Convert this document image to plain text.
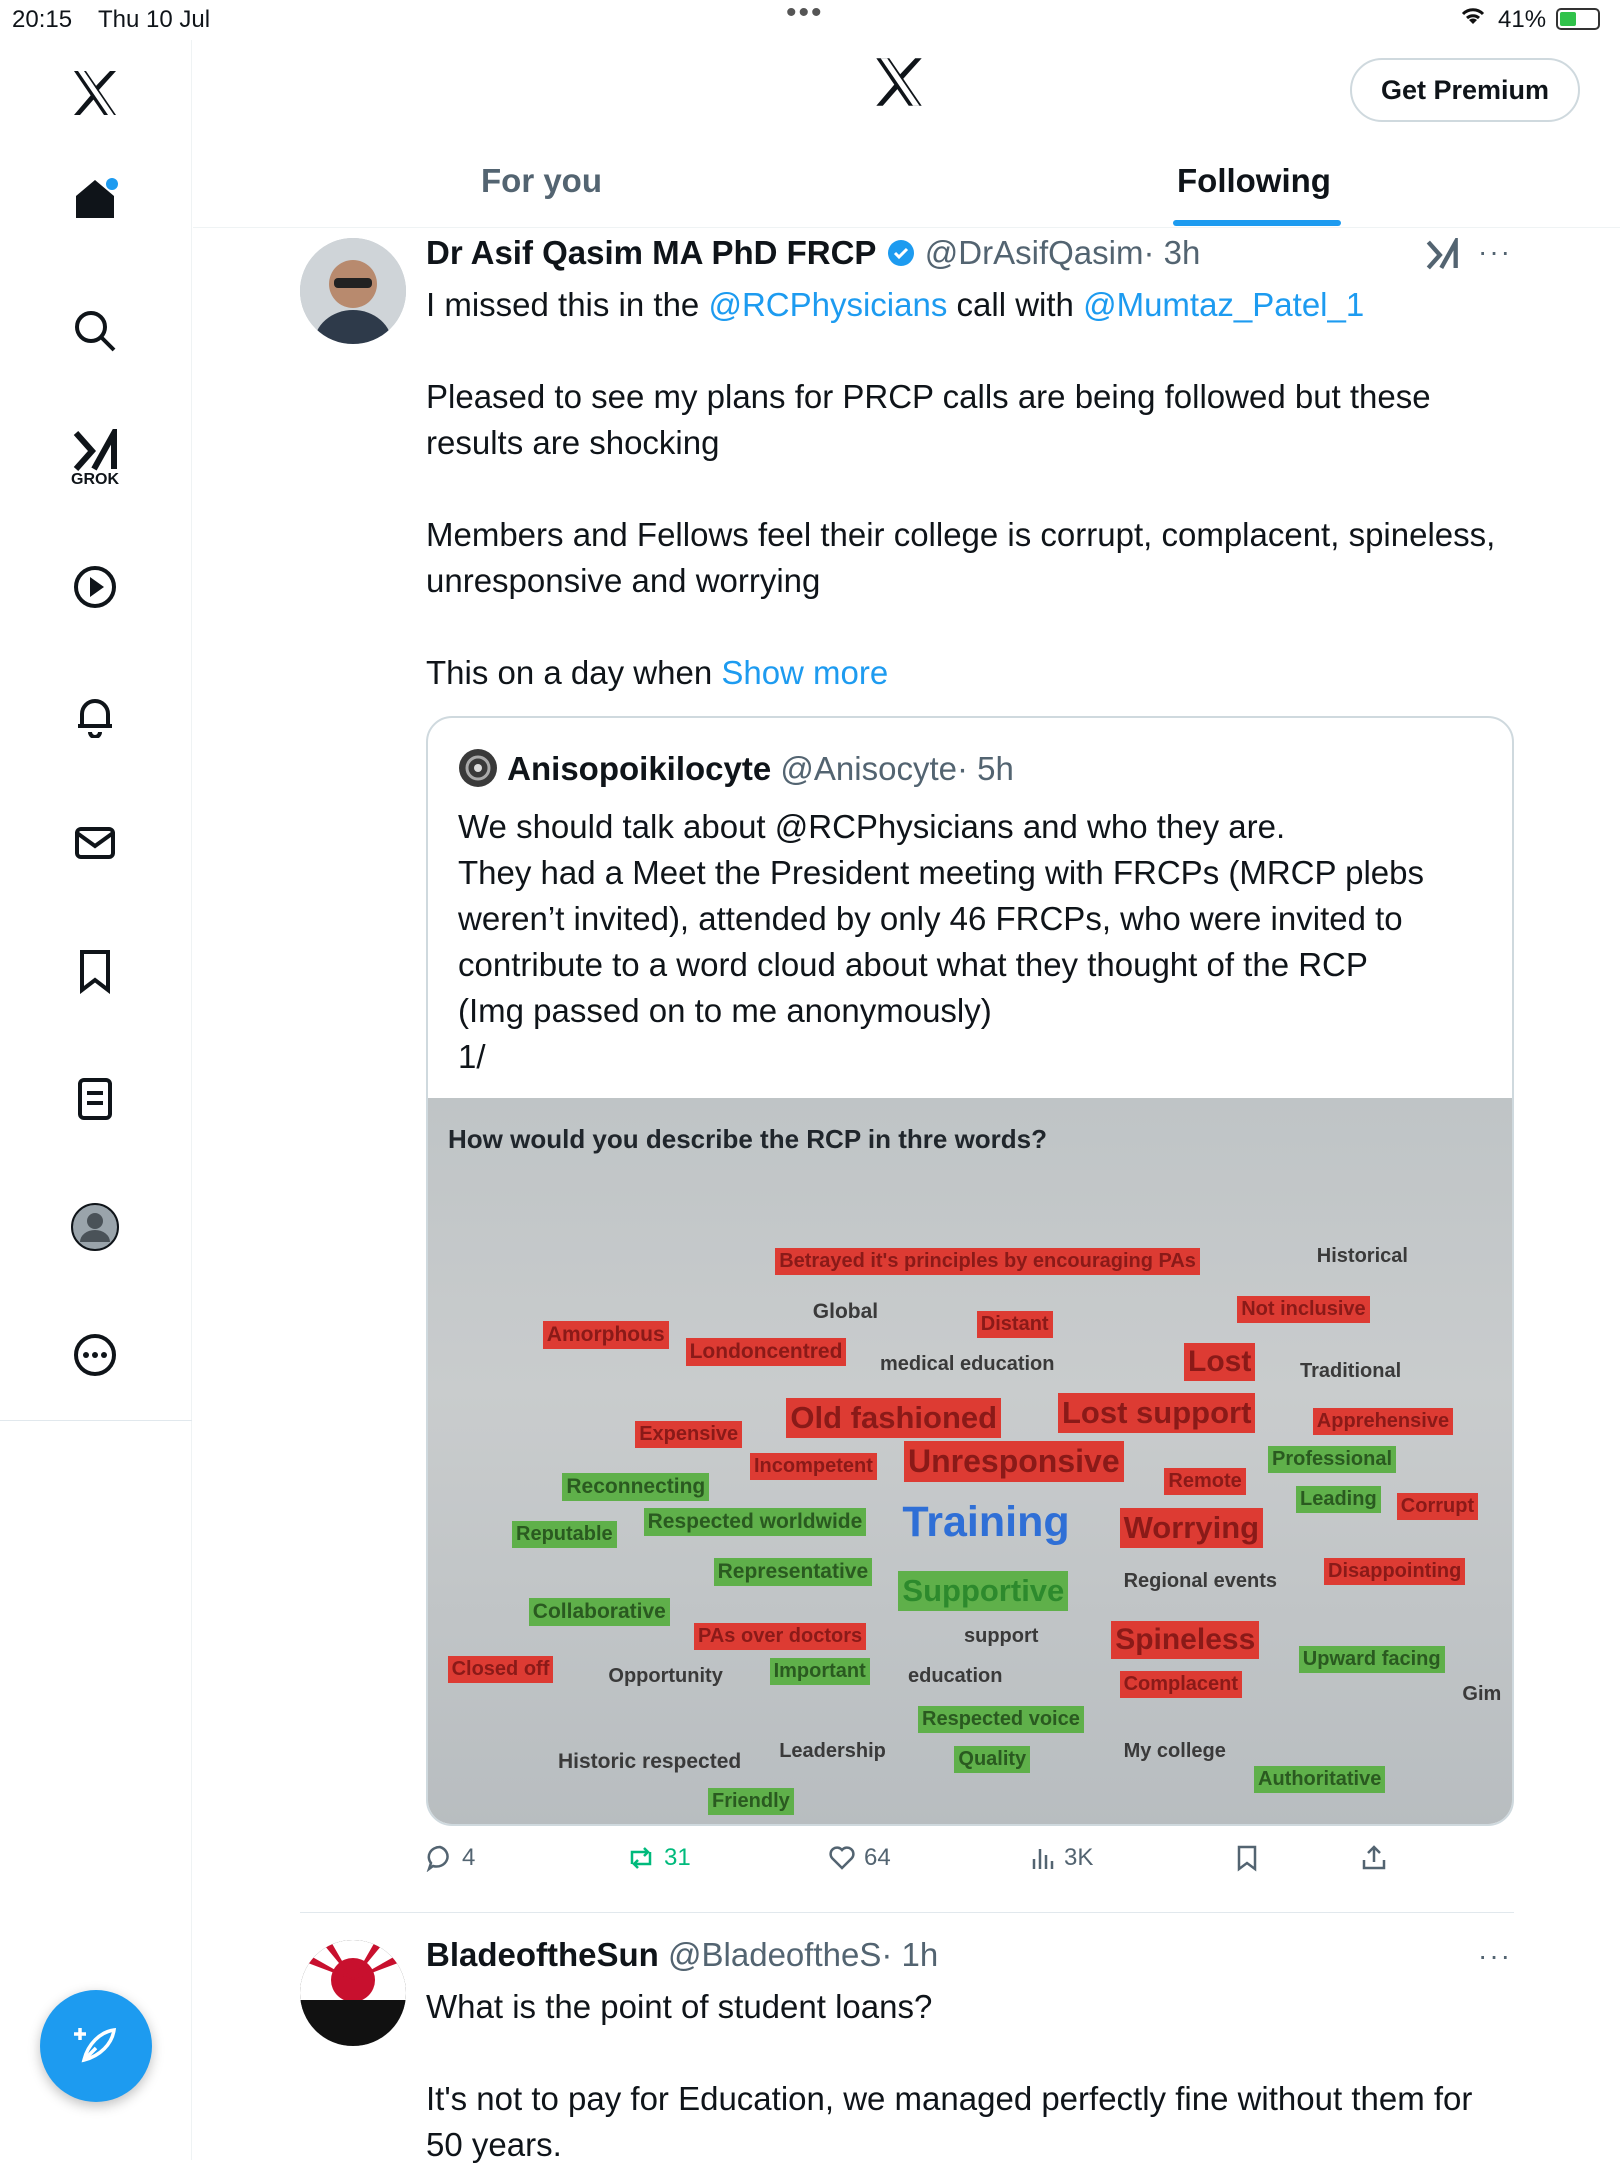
20:15 Thu 10 Jul	•••	41%
GROK
Get Premium
For you	Following
Dr Asif Qasim MA PhD FRCP @DrAsifQasim· 3h	···
I missed this in the @RCPhysicians call with @Mumtaz_Patel_1
Pleased to see my plans for PRCP calls are being followed but these results are shocking
Members and Fellows feel their college is corrupt, complacent, spineless, unresponsive and worrying
This on a day when Show more
Anisopoikilocyte @Anisocyte· 5h
We should talk about @RCPhysicians and who they are.
They had a Meet the President meeting with FRCPs (MRCP plebs weren’t invited), attended by only 46 FRCPs, who were invited to contribute to a word cloud about what they thought of the RCP
(Img passed on to me anonymously)
1/
How would you describe the RCP in thre words?
Betrayed it's principles by encouraging PAs	Historical
Global	Not inclusive
Distant
Amorphous
Londoncentred
medical education	Lost Traditional
Old fashioned Lost support	Apprehensive
Expensive
Incompetent Unresponsive	Professional
Reconnecting	Remote
Leading Corrupt
Reputable
Respected worldwide Training Worrying
Representative
Supportive	Regional events	Disappointing
Collaborative
PAs over doctors	support	Spineless
Closed off	Opportunity	Important education	Complacent
Upward facing
Gim
Respected voice
Leadership
Historic respected	Quality	My college
Authoritative
Friendly
4	31	64	3K
BladeoftheSun @BladeoftheS· 1h	···
What is the point of student loans?
It's not to pay for Education, we managed perfectly fine without them for 50 years.
